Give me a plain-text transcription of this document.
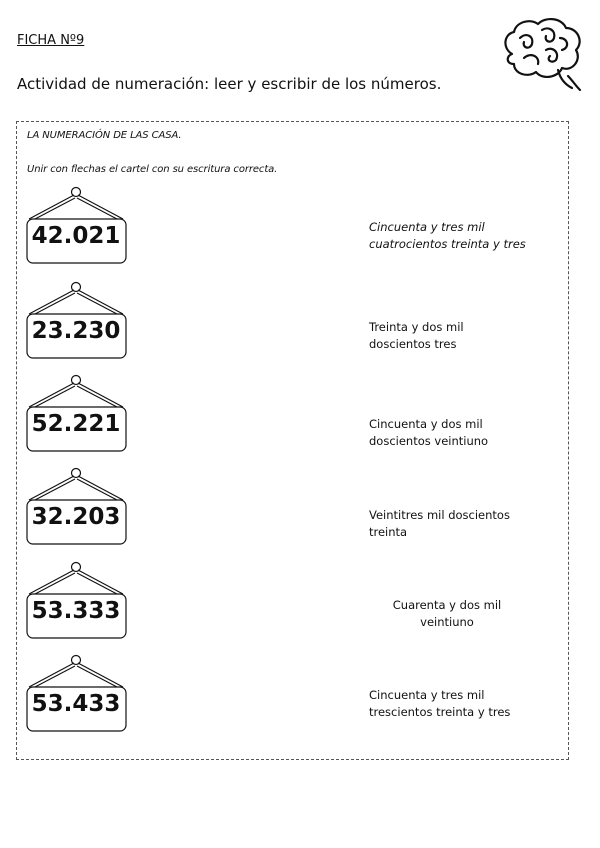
FICHA Nº9
Actividad de numeración: leer y escribir de los números.
LA NUMERACIÓN DE LAS CASA.
Unir con flechas el cartel con su escritura correcta.
42.021	Cincuenta y tres mil
cuatrocientos treinta y tres
23.230	Treinta y dos mil
doscientos tres
52.221	Cincuenta y dos mil
doscientos veintiuno
32.203	Veintitres mil doscientos
treinta
53.333	Cuarenta y dos mil
veintiuno
53.433	Cincuenta y tres mil
trescientos treinta y tres
